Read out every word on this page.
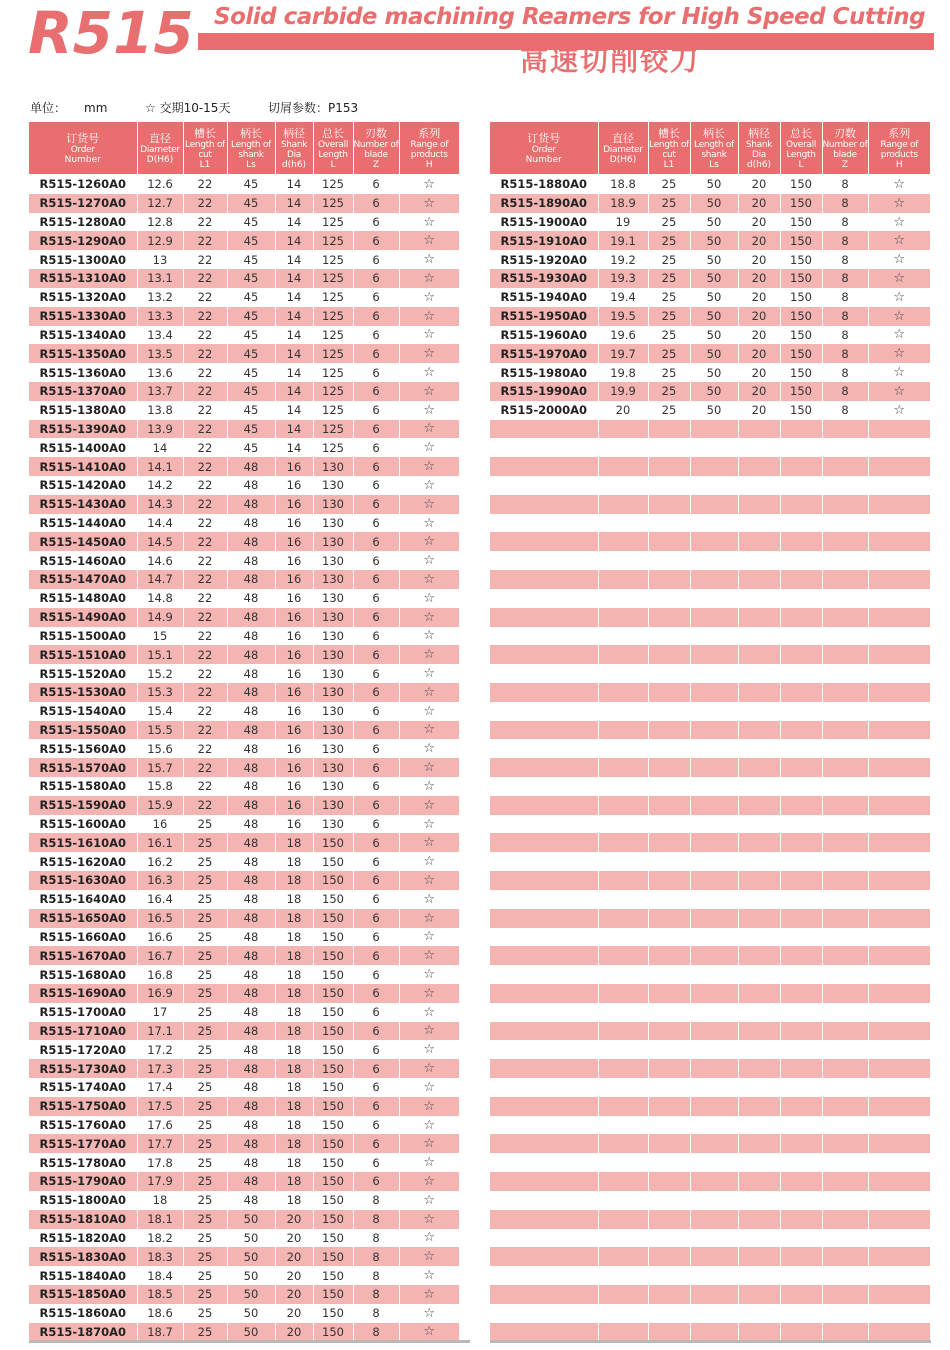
R515 Solid carbide machining Reamers for High Speed Cutting
高速切削铰刀
单位： mm	☆ 交期10-15天	切屑参数：P153
订货号
Order
Number	直径
Diameter
D(H6)	槽长
Length of cut
L1	柄长
Length of shank
Ls	柄径
Shank Dia
d(h6)	总长
Overall Length
L	刃数
Number of blade
Z	系列
Range of products
H

R515-1260A0	12.6	22	45	14	125	6	☆
R515-1270A0	12.7	22	45	14	125	6	☆
R515-1280A0	12.8	22	45	14	125	6	☆
R515-1290A0	12.9	22	45	14	125	6	☆
R515-1300A0	13	22	45	14	125	6	☆
R515-1310A0	13.1	22	45	14	125	6	☆
R515-1320A0	13.2	22	45	14	125	6	☆
R515-1330A0	13.3	22	45	14	125	6	☆
R515-1340A0	13.4	22	45	14	125	6	☆
R515-1350A0	13.5	22	45	14	125	6	☆
R515-1360A0	13.6	22	45	14	125	6	☆
R515-1370A0	13.7	22	45	14	125	6	☆
R515-1380A0	13.8	22	45	14	125	6	☆
R515-1390A0	13.9	22	45	14	125	6	☆
R515-1400A0	14	22	45	14	125	6	☆
R515-1410A0	14.1	22	48	16	130	6	☆
R515-1420A0	14.2	22	48	16	130	6	☆
R515-1430A0	14.3	22	48	16	130	6	☆
R515-1440A0	14.4	22	48	16	130	6	☆
R515-1450A0	14.5	22	48	16	130	6	☆
R515-1460A0	14.6	22	48	16	130	6	☆
R515-1470A0	14.7	22	48	16	130	6	☆
R515-1480A0	14.8	22	48	16	130	6	☆
R515-1490A0	14.9	22	48	16	130	6	☆
R515-1500A0	15	22	48	16	130	6	☆
R515-1510A0	15.1	22	48	16	130	6	☆
R515-1520A0	15.2	22	48	16	130	6	☆
R515-1530A0	15.3	22	48	16	130	6	☆
R515-1540A0	15.4	22	48	16	130	6	☆
R515-1550A0	15.5	22	48	16	130	6	☆
R515-1560A0	15.6	22	48	16	130	6	☆
R515-1570A0	15.7	22	48	16	130	6	☆
R515-1580A0	15.8	22	48	16	130	6	☆
R515-1590A0	15.9	22	48	16	130	6	☆
R515-1600A0	16	25	48	16	130	6	☆
R515-1610A0	16.1	25	48	18	150	6	☆
R515-1620A0	16.2	25	48	18	150	6	☆
R515-1630A0	16.3	25	48	18	150	6	☆
R515-1640A0	16.4	25	48	18	150	6	☆
R515-1650A0	16.5	25	48	18	150	6	☆
R515-1660A0	16.6	25	48	18	150	6	☆
R515-1670A0	16.7	25	48	18	150	6	☆
R515-1680A0	16.8	25	48	18	150	6	☆
R515-1690A0	16.9	25	48	18	150	6	☆
R515-1700A0	17	25	48	18	150	6	☆
R515-1710A0	17.1	25	48	18	150	6	☆
R515-1720A0	17.2	25	48	18	150	6	☆
R515-1730A0	17.3	25	48	18	150	6	☆
R515-1740A0	17.4	25	48	18	150	6	☆
R515-1750A0	17.5	25	48	18	150	6	☆
R515-1760A0	17.6	25	48	18	150	6	☆
R515-1770A0	17.7	25	48	18	150	6	☆
R515-1780A0	17.8	25	48	18	150	6	☆
R515-1790A0	17.9	25	48	18	150	6	☆
R515-1800A0	18	25	48	18	150	8	☆
R515-1810A0	18.1	25	50	20	150	8	☆
R515-1820A0	18.2	25	50	20	150	8	☆
R515-1830A0	18.3	25	50	20	150	8	☆
R515-1840A0	18.4	25	50	20	150	8	☆
R515-1850A0	18.5	25	50	20	150	8	☆
R515-1860A0	18.6	25	50	20	150	8	☆
R515-1870A0	18.7	25	50	20	150	8	☆
订货号
Order
Number	直径
Diameter
D(H6)	槽长
Length of cut
L1	柄长
Length of shank
Ls	柄径
Shank Dia
d(h6)	总长
Overall Length
L	刃数
Number of blade
Z	系列
Range of products
H

R515-1880A0	18.8	25	50	20	150	8	☆
R515-1890A0	18.9	25	50	20	150	8	☆
R515-1900A0	19	25	50	20	150	8	☆
R515-1910A0	19.1	25	50	20	150	8	☆
R515-1920A0	19.2	25	50	20	150	8	☆
R515-1930A0	19.3	25	50	20	150	8	☆
R515-1940A0	19.4	25	50	20	150	8	☆
R515-1950A0	19.5	25	50	20	150	8	☆
R515-1960A0	19.6	25	50	20	150	8	☆
R515-1970A0	19.7	25	50	20	150	8	☆
R515-1980A0	19.8	25	50	20	150	8	☆
R515-1990A0	19.9	25	50	20	150	8	☆
R515-2000A0	20	25	50	20	150	8	☆
